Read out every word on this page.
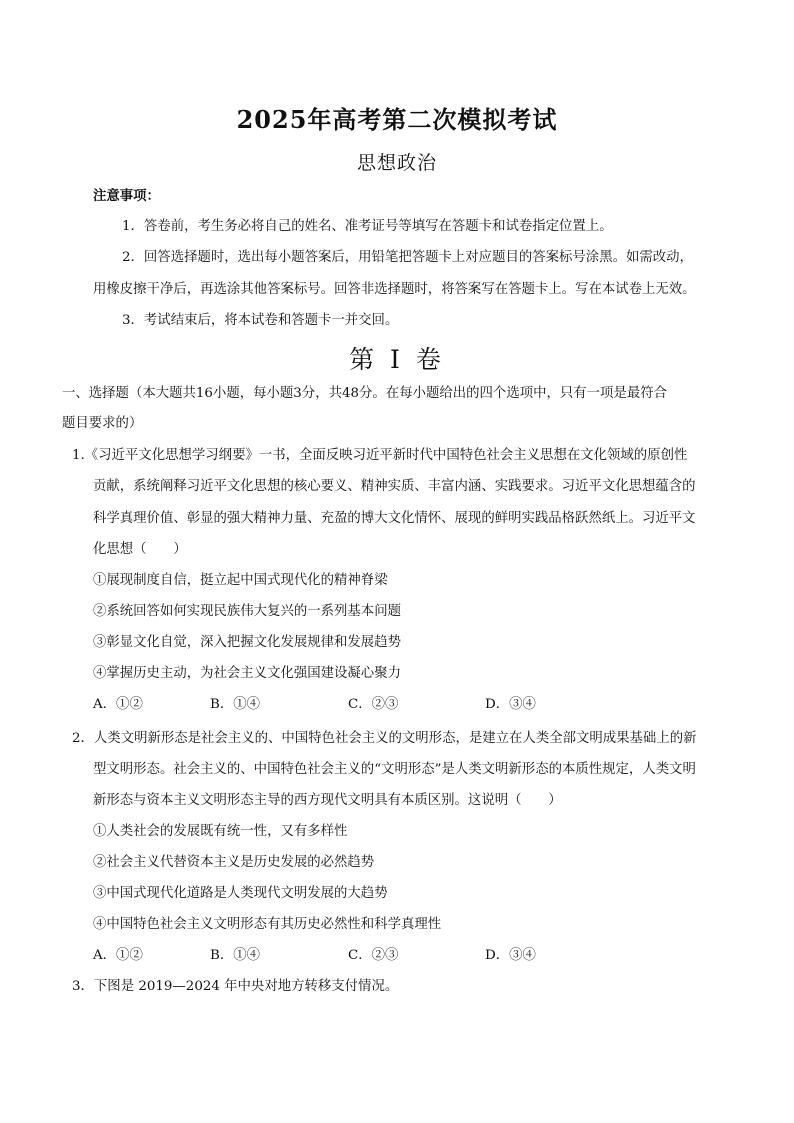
2025年高考第二次模拟考试
思想政治
注意事项：
1．答卷前，考生务必将自己的姓名、准考证号等填写在答题卡和试卷指定位置上。
2．回答选择题时，选出每小题答案后，用铅笔把答题卡上对应题目的答案标号涂黑。如需改动，
用橡皮擦干净后，再选涂其他答案标号。回答非选择题时，将答案写在答题卡上。写在本试卷上无效。
3．考试结束后，将本试卷和答题卡一并交回。
第 I 卷
一、选择题（本大题共16小题，每小题3分，共48分。在每小题给出的四个选项中，只有一项是最符合
题目要求的）
1.《习近平文化思想学习纲要》一书，全面反映习近平新时代中国特色社会主义思想在文化领域的原创性
贡献，系统阐释习近平文化思想的核心要义、精神实质、丰富内涵、实践要求。习近平文化思想蕴含的
科学真理价值、彰显的强大精神力量、充盈的博大文化情怀、展现的鲜明实践品格跃然纸上。习近平文
化思想（　　）
①展现制度自信，挺立起中国式现代化的精神脊梁
②系统回答如何实现民族伟大复兴的一系列基本问题
③彰显文化自觉，深入把握文化发展规律和发展趋势
④掌握历史主动，为社会主义文化强国建设凝心聚力
A．①②	B．①④	C．②③	D．③④
2．人类文明新形态是社会主义的、中国特色社会主义的文明形态，是建立在人类全部文明成果基础上的新
型文明形态。社会主义的、中国特色社会主义的“文明形态”是人类文明新形态的本质性规定，人类文明
新形态与资本主义文明形态主导的西方现代文明具有本质区别。这说明（　　）
①人类社会的发展既有统一性，又有多样性
②社会主义代替资本主义是历史发展的必然趋势
③中国式现代化道路是人类现代文明发展的大趋势
④中国特色社会主义文明形态有其历史必然性和科学真理性
A．①②	B．①④	C．②③	D．③④
3．下图是 2019—2024 年中央对地方转移支付情况。
